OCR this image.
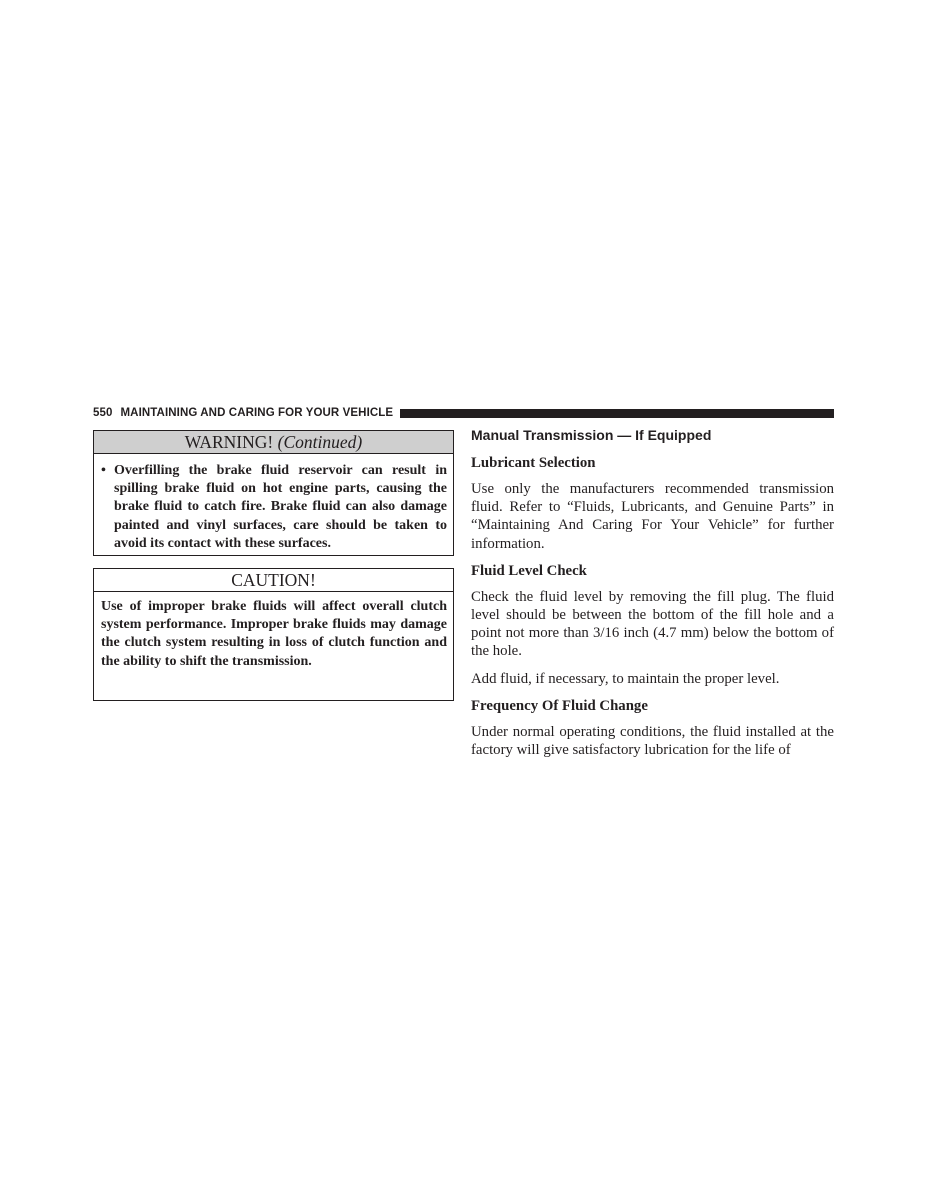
550 MAINTAINING AND CARING FOR YOUR VEHICLE
WARNING! (Continued)
• Overfilling the brake fluid reservoir can result in spilling brake fluid on hot engine parts, causing the brake fluid to catch fire. Brake fluid can also damage painted and vinyl surfaces, care should be taken to avoid its contact with these surfaces.
CAUTION!
Use of improper brake fluids will affect overall clutch system performance. Improper brake fluids may damage the clutch system resulting in loss of clutch function and the ability to shift the transmission.
Manual Transmission — If Equipped
Lubricant Selection
Use only the manufacturers recommended transmission fluid. Refer to “Fluids, Lubricants, and Genuine Parts” in “Maintaining And Caring For Your Vehicle” for further information.
Fluid Level Check
Check the fluid level by removing the fill plug. The fluid level should be between the bottom of the fill hole and a point not more than 3/16 inch (4.7 mm) below the bottom of the hole.
Add fluid, if necessary, to maintain the proper level.
Frequency Of Fluid Change
Under normal operating conditions, the fluid installed at the factory will give satisfactory lubrication for the life of
